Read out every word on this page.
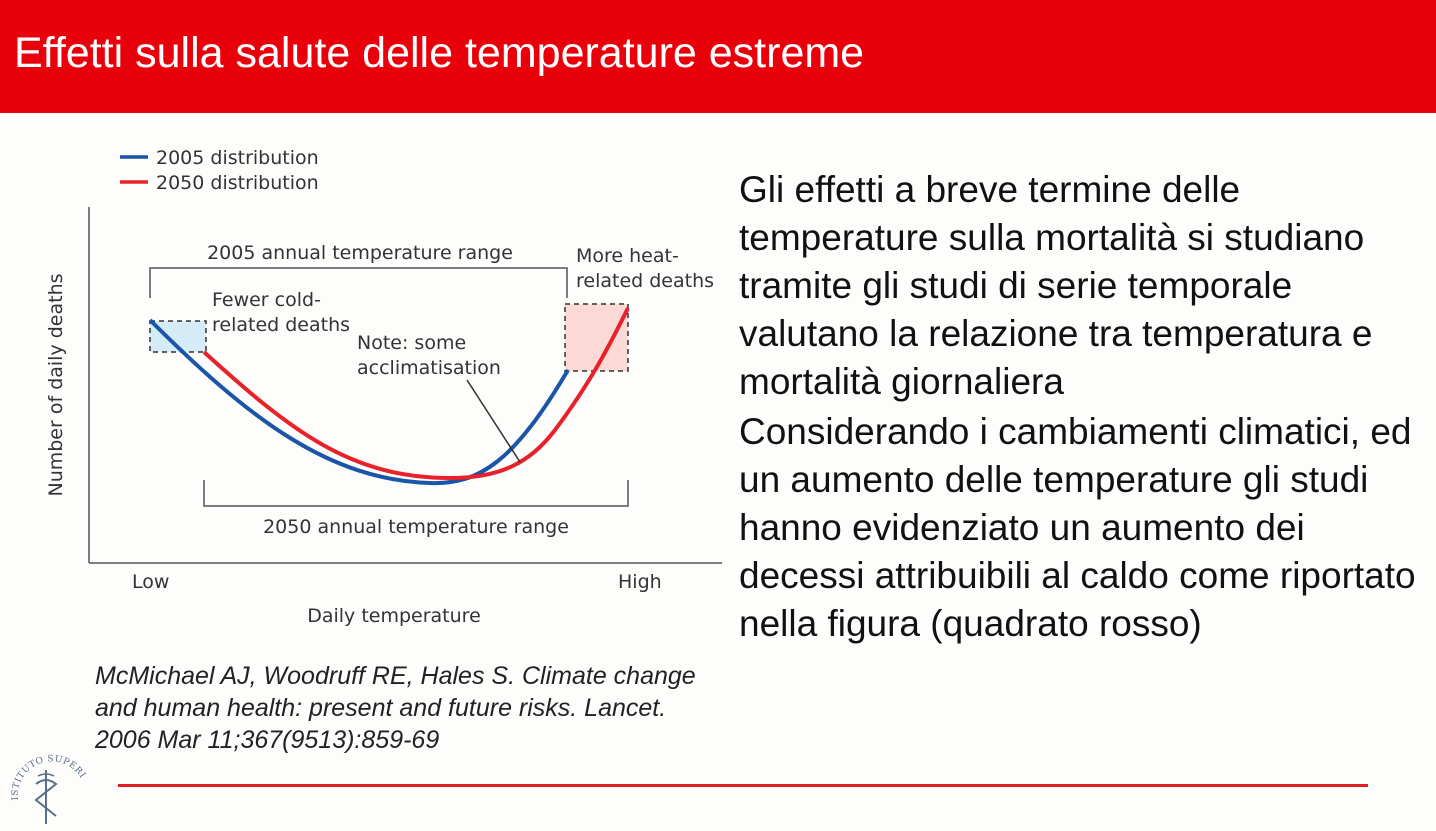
Effetti sulla salute delle temperature estreme
2005 distribution
2050 distribution
Number of daily deaths
Daily temperature
Low	High
2005 annual temperature range
2050 annual temperature range
Fewer cold-
related deaths
More heat-
related deaths
Note: some
acclimatisation

Gli effetti a breve termine delle temperature sulla mortalità si studiano tramite gli studi di serie temporale valutano la relazione tra temperatura e mortalità giornaliera

Considerando i cambiamenti climatici, ed un aumento delle temperature gli studi hanno evidenziato un aumento dei decessi attribuibili al caldo come riportato nella figura (quadrato rosso)

McMichael AJ, Woodruff RE, Hales S. Climate change and human health: present and future risks. Lancet. 2006 Mar 11;367(9513):859-69
ISTITUTO SUPERI
